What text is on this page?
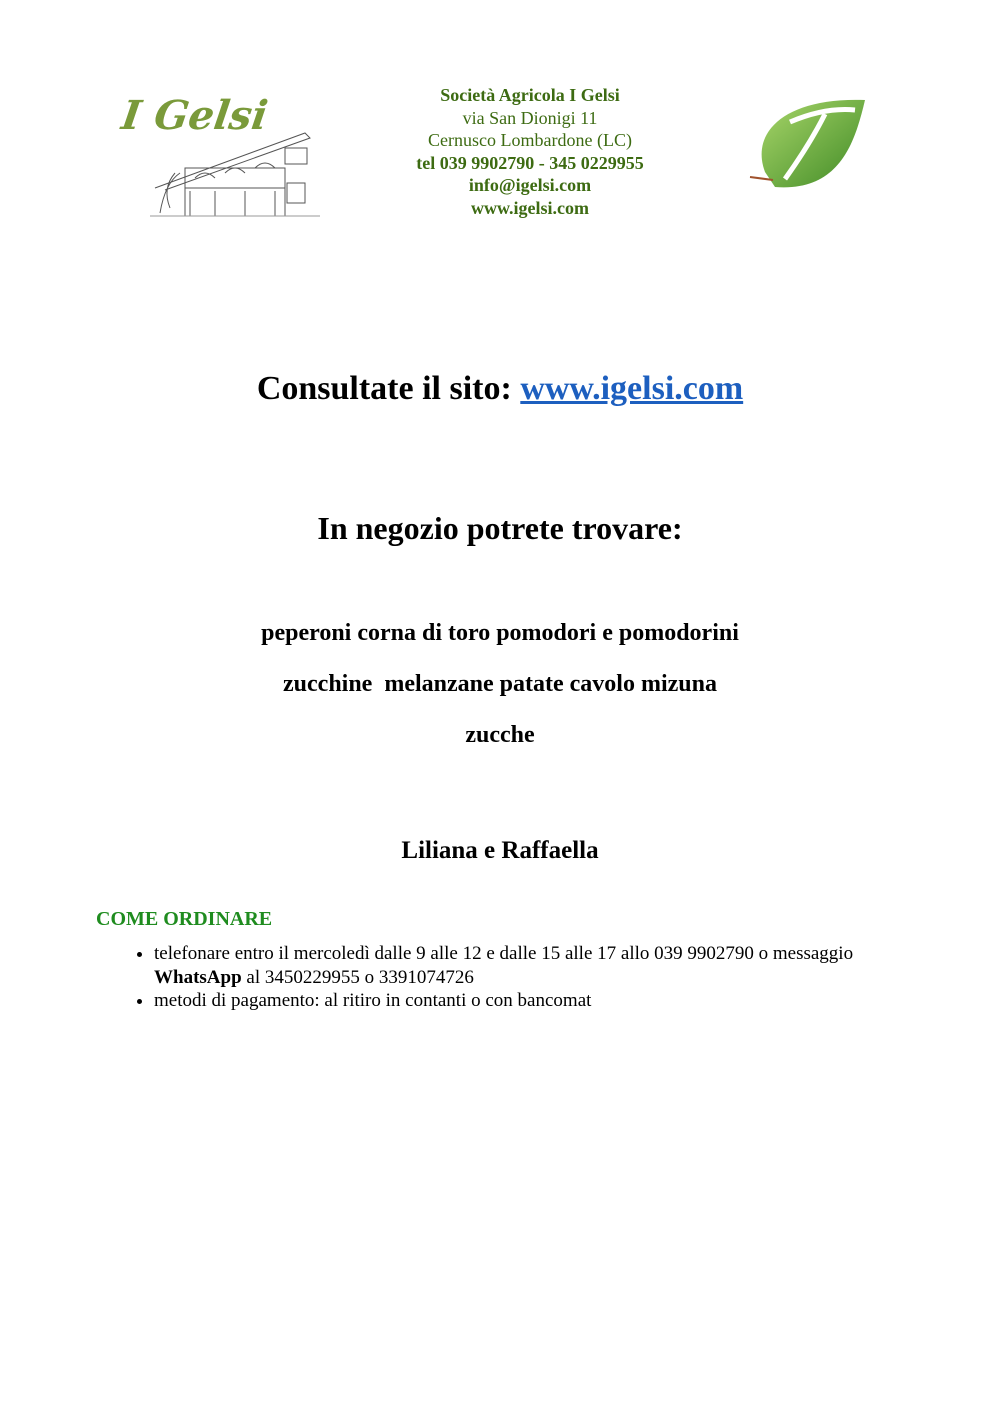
I Gelsi	Società Agricola I Gelsi
via San Dionigi 11
Cernusco Lombardone (LC)
tel 039 9902790 - 345 0229955
info@igelsi.com
www.igelsi.com
Consultate il sito: www.igelsi.com
In negozio potrete trovare:
peperoni corna di toro pomodori e pomodorini
zucchine  melanzane patate cavolo mizuna
zucche
Liliana e Raffaella
COME ORDINARE
• telefonare entro il mercoledì dalle 9 alle 12 e dalle 15 alle 17 allo 039 9902790 o messaggio WhatsApp al 3450229955 o 3391074726
• metodi di pagamento: al ritiro in contanti o con bancomat
